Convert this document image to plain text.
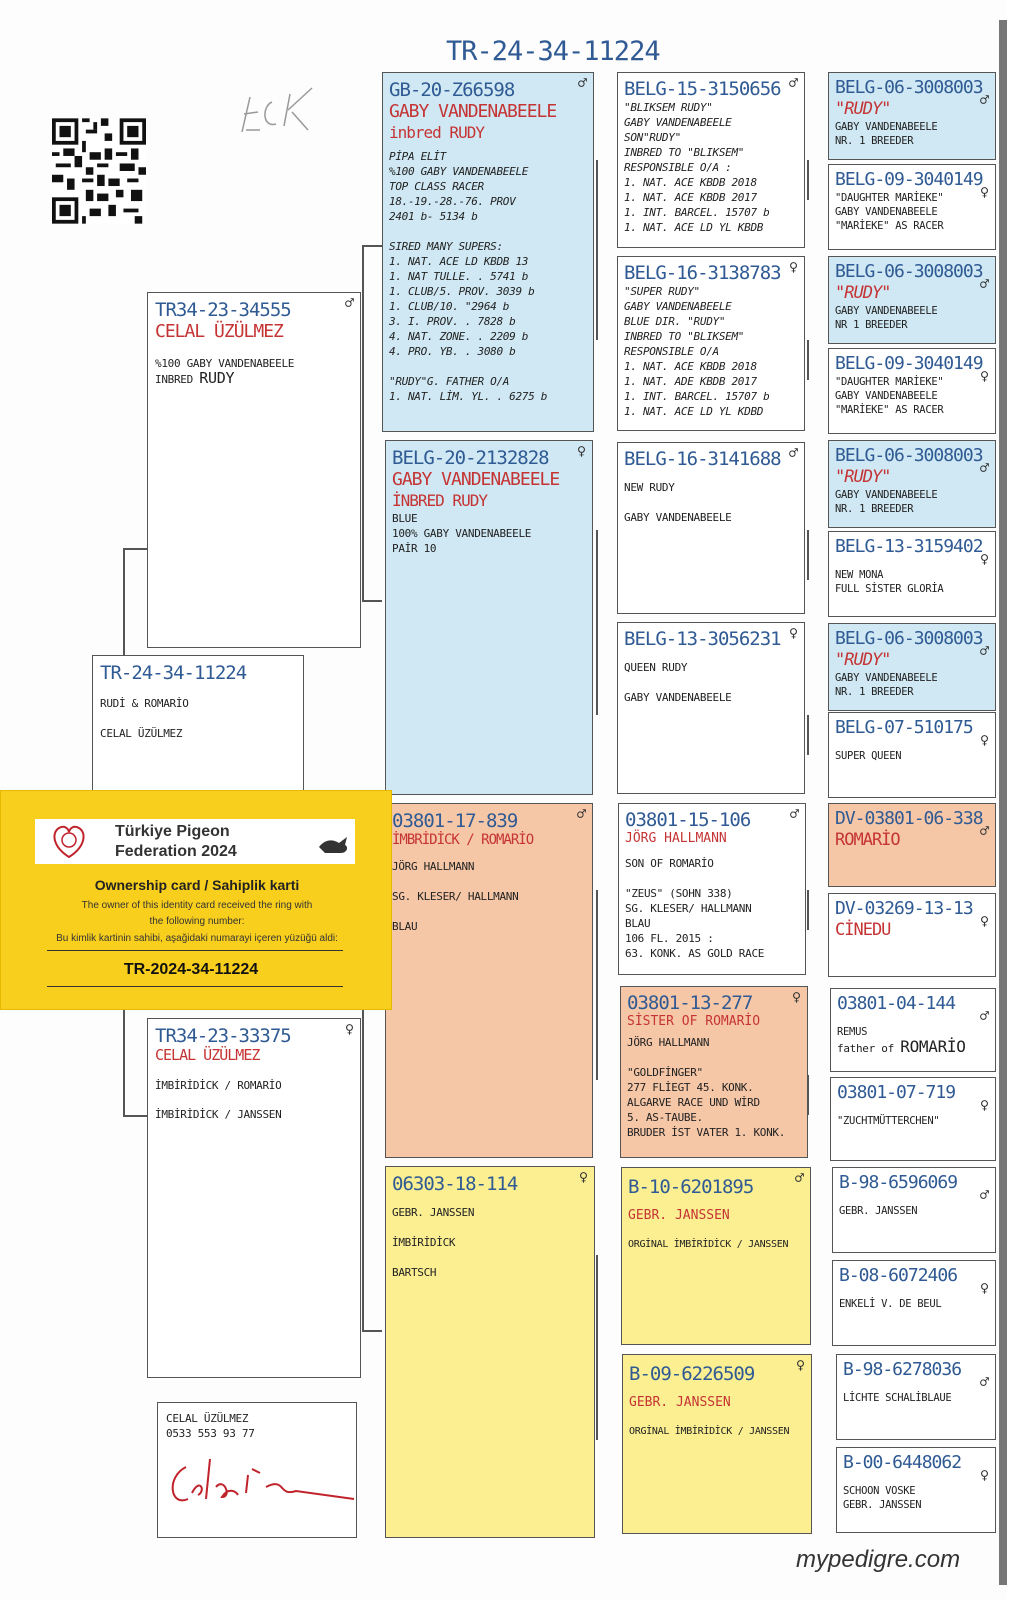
TR-24-34-11224
TR-24-34-11224
RUDİ & ROMARİO
CELAL ÜZÜLMEZ
TR34-23-34555	♂
CELAL ÜZÜLMEZ
%100 GABY VANDENABEELE
INBRED RUDY
TR34-23-33375	♀
CELAL ÜZÜLMEZ
İMBİRİDİCK / ROMARİO
İMBİRİDİCK / JANSSEN
CELAL ÜZÜLMEZ
0533 553 93 77
GB-20-Z66598	♂
GABY VANDENABEELE
inbred RUDY
PİPA ELİT
%100 GABY VANDENABEELE
TOP CLASS RACER
18.-19.-28.-76. PROV
2401 b- 5134 b

SIRED MANY SUPERS:
1. NAT. ACE LD KBDB 13
1. NAT TULLE. . 5741 b
1. CLUB/5. PROV. 3039 b
1. CLUB/10. "2964 b
3. I. PROV. . 7828 b
4. NAT. ZONE. . 2209 b
4. PRO. YB. . 3080 b

"RUDY"G. FATHER O/A
1. NAT. LİM. YL. . 6275 b
BELG-20-2132828	♀
GABY VANDENABEELE
İNBRED RUDY
BLUE
100% GABY VANDENABEELE
PAİR 10
03801-17-839	♂
İMBRİDİCK / ROMARİO
JÖRG HALLMANN

SG. KLESER/ HALLMANN

BLAU
06303-18-114	♀
GEBR. JANSSEN

İMBİRİDİCK

BARTSCH
BELG-15-3150656 ♂
"BLIKSEM RUDY"
GABY VANDENABEELE
SON"RUDY"
INBRED TO "BLIKSEM"
RESPONSIBLE O/A :
1. NAT. ACE KBDB 2018
1. NAT. ACE KBDB 2017
1. INT. BARCEL. 15707 b
1. NAT. ACE LD YL KBDB
BELG-16-3138783 ♀
"SUPER RUDY"
GABY VANDENABEELE
BLUE DIR. "RUDY"
INBRED TO "BLIKSEM"
RESPONSIBLE O/A
1. NAT. ACE KBDB 2018
1. NAT. ADE KBDB 2017
1. INT. BARCEL. 15707 b
1. NAT. ACE LD YL KDBD
BELG-16-3141688 ♂
NEW RUDY

GABY VANDENABEELE
BELG-13-3056231 ♀
QUEEN RUDY

GABY VANDENABEELE
03801-15-106	♂
JÖRG HALLMANN
SON OF ROMARİO

"ZEUS" (SOHN 338)
SG. KLESER/ HALLMANN
BLAU
106 FL. 2015 :
63. KONK. AS GOLD RACE
03801-13-277	♀
SİSTER OF ROMARİO
JÖRG HALLMANN

"GOLDFİNGER"
277 FLİEGT 45. KONK.
ALGARVE RACE UND WİRD
5. AS-TAUBE.
BRUDER İST VATER 1. KONK.
B-10-6201895	♂
GEBR. JANSSEN
ORGİNAL İMBİRİDİCK / JANSSEN
B-09-6226509	♀
GEBR. JANSSEN
ORGİNAL İMBİRİDİCK / JANSSEN
BELG-06-3008003
♂
"RUDY"
GABY VANDENABEELE
NR. 1 BREEDER
BELG-09-3040149
♀
"DAUGHTER MARİEKE"
GABY VANDENABEELE
"MARİEKE" AS RACER
BELG-06-3008003
♂
"RUDY"
GABY VANDENABEELE
NR 1 BREEDER
BELG-09-3040149
♀
"DAUGHTER MARİEKE"
GABY VANDENABEELE
"MARİEKE" AS RACER
BELG-06-3008003
♂
"RUDY"
GABY VANDENABEELE
NR. 1 BREEDER
BELG-13-3159402
♀
NEW MONA
FULL SİSTER GLORİA
BELG-06-3008003
♂
"RUDY"
GABY VANDENABEELE
NR. 1 BREEDER
BELG-07-510175
♀
SUPER QUEEN
DV-03801-06-338
♂
ROMARİO
DV-03269-13-13
♀
CİNEDU
03801-04-144
♂
REMUS
father of ROMARİO
03801-07-719
♀
"ZUCHTMÜTTERCHEN"
B-98-6596069
♂
GEBR. JANSSEN
B-08-6072406
♀
ENKELİ V. DE BEUL
B-98-6278036
♂
LİCHTE SCHALİBLAUE
B-00-6448062
♀
SCHOON VOSKE
GEBR. JANSSEN
Türkiye Pigeon
Federation 2024
Ownership card / Sahiplik karti
The owner of this identity card received the ring with
the following number:
Bu kimlik kartinin sahibi, aşağidaki numarayi içeren yüzüğü aldi:
TR-2024-34-11224
mypedigre.com
